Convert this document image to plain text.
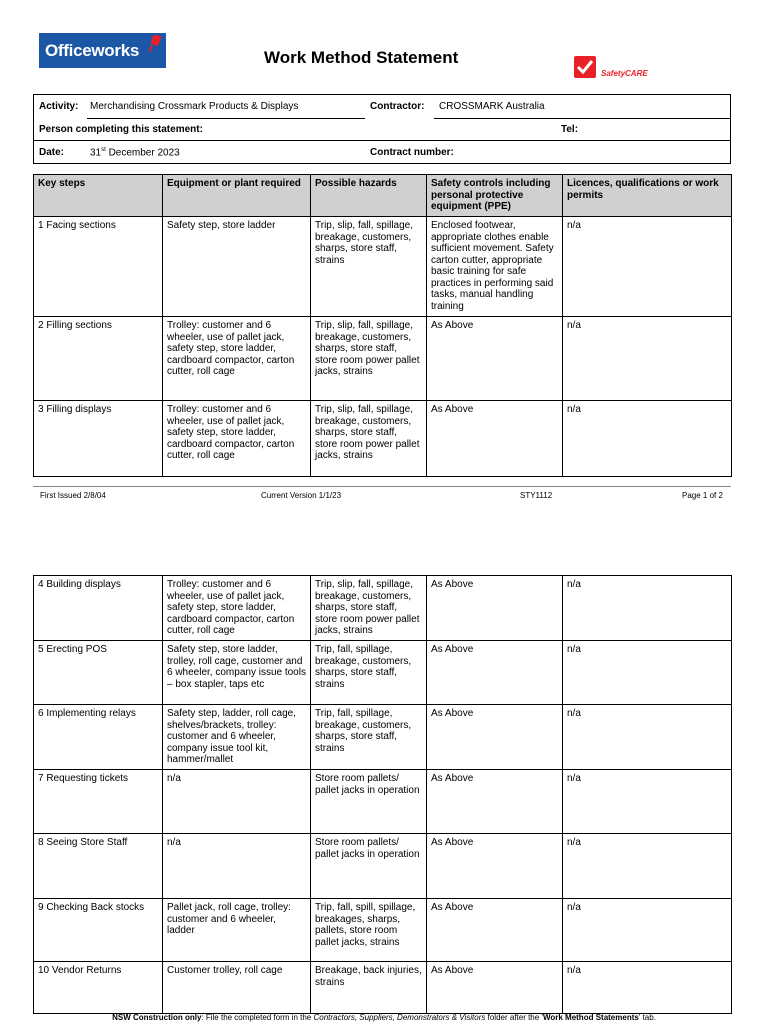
Officeworks	Work Method Statement
SafetyCARE
Activity: Merchandising Crossmark Products & Displays	Contractor: CROSSMARK Australia
Person completing this statement:	Tel:
Date:	31st December 2023	Contract number:
Key steps	Equipment or plant required	Possible hazards	Safety controls including personal protective equipment (PPE)	Licences, qualifications or work permits
1 Facing sections	Safety step, store ladder	Trip, slip, fall, spillage, breakage, customers, sharps, store staff, strains	Enclosed footwear, appropriate clothes enable sufficient movement. Safety carton cutter, appropriate basic training for safe practices in performing said tasks, manual handling training	n/a
2 Filling sections	Trolley: customer and 6 wheeler, use of pallet jack, safety step, store ladder, cardboard compactor, carton cutter, roll cage	Trip, slip, fall, spillage, breakage, customers, sharps, store staff, store room power pallet jacks, strains	As Above	n/a
3 Filling displays	Trolley: customer and 6 wheeler, use of pallet jack, safety step, store ladder, cardboard compactor, carton cutter, roll cage	Trip, slip, fall, spillage, breakage, customers, sharps, store staff, store room power pallet jacks, strains	As Above	n/a
First Issued 2/8/04	Current Version 1/1/23	STY1112	Page 1 of 2
4 Building displays	Trolley: customer and 6 wheeler, use of pallet jack, safety step, store ladder, cardboard compactor, carton cutter, roll cage	Trip, slip, fall, spillage, breakage, customers, sharps, store staff, store room power pallet jacks, strains	As Above	n/a
5 Erecting POS	Safety step, store ladder, trolley, roll cage, customer and 6 wheeler, company issue tools – box stapler, taps etc	Trip, fall, spillage, breakage, customers, sharps, store staff, strains	As Above	n/a
6 Implementing relays	Safety step, ladder, roll cage, shelves/brackets, trolley: customer and 6 wheeler, company issue tool kit, hammer/mallet	Trip, fall, spillage, breakage, customers, sharps, store staff, strains	As Above	n/a
7 Requesting tickets	n/a	Store room pallets/ pallet jacks in operation	As Above	n/a
8 Seeing Store Staff	n/a	Store room pallets/ pallet jacks in operation	As Above	n/a
9 Checking Back stocks	Pallet jack, roll cage, trolley: customer and 6 wheeler, ladder	Trip, fall, spill, spillage, breakages, sharps, pallets, store room pallet jacks, strains	As Above	n/a
10 Vendor Returns	Customer trolley, roll cage	Breakage, back injuries, strains	As Above	n/a
NSW Construction only: File the completed form in the Contractors, Suppliers, Demonstrators & Visitors folder after the 'Work Method Statements' tab.
